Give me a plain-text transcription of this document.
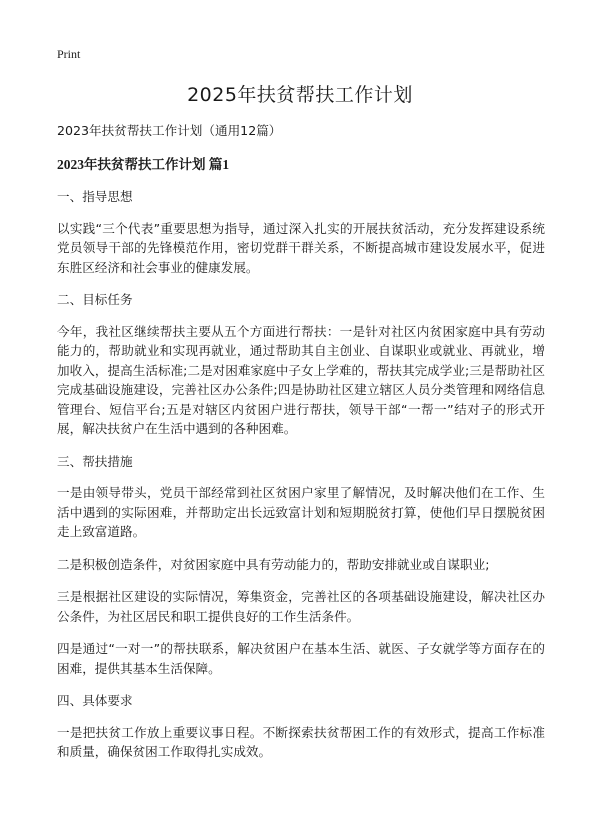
Print
2025年扶贫帮扶工作计划

2023年扶贫帮扶工作计划（通用12篇）

2023年扶贫帮扶工作计划 篇1

一、指导思想

以实践“三个代表”重要思想为指导，通过深入扎实的开展扶贫活动，充分发挥建设系统党员领导干部的先锋模范作用，密切党群干群关系，不断提高城市建设发展水平，促进东胜区经济和社会事业的健康发展。

二、目标任务

今年，我社区继续帮扶主要从五个方面进行帮扶：一是针对社区内贫困家庭中具有劳动能力的，帮助就业和实现再就业，通过帮助其自主创业、自谋职业或就业、再就业，增加收入，提高生活标准;二是对困难家庭中子女上学难的，帮扶其完成学业;三是帮助社区完成基础设施建设，完善社区办公条件;四是协助社区建立辖区人员分类管理和网络信息管理台、短信平台;五是对辖区内贫困户进行帮扶，领导干部“一帮一”结对子的形式开展，解决扶贫户在生活中遇到的各种困难。

三、帮扶措施

一是由领导带头，党员干部经常到社区贫困户家里了解情况，及时解决他们在工作、生活中遇到的实际困难，并帮助定出长远致富计划和短期脱贫打算，使他们早日摆脱贫困走上致富道路。

二是积极创造条件，对贫困家庭中具有劳动能力的，帮助安排就业或自谋职业;

三是根据社区建设的实际情况，筹集资金，完善社区的各项基础设施建设，解决社区办公条件，为社区居民和职工提供良好的工作生活条件。

四是通过“一对一”的帮扶联系，解决贫困户在基本生活、就医、子女就学等方面存在的困难，提供其基本生活保障。

四、具体要求

一是把扶贫工作放上重要议事日程。不断探索扶贫帮困工作的有效形式，提高工作标准和质量，确保贫困工作取得扎实成效。
